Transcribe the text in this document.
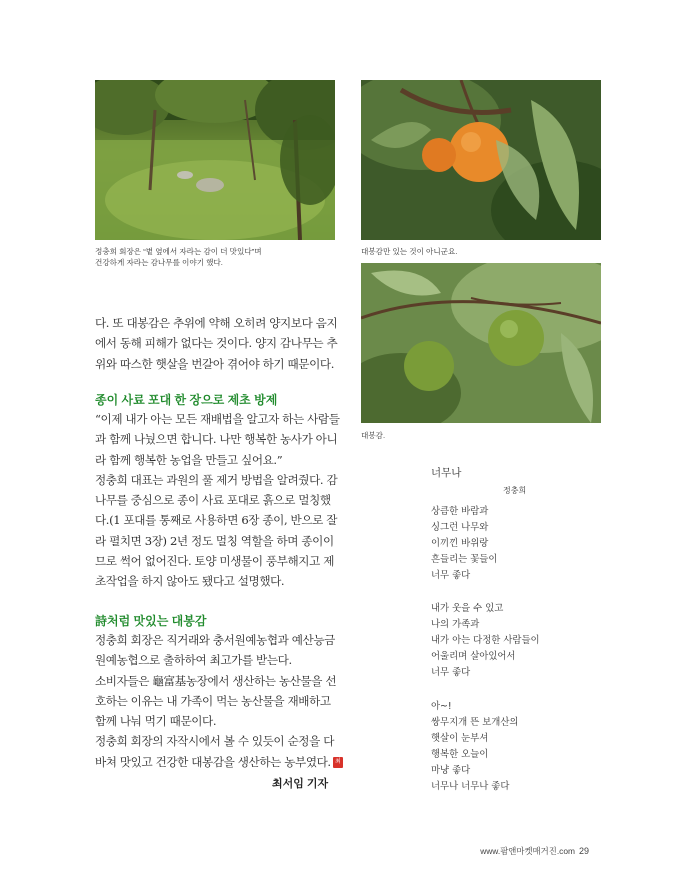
정충희 회장은 “볕 옆에서 자라는 감이 더 맛있다”며
건강하게 자라는 감나무를 이야기 했다.
대봉감만 있는 것이 아니군요.
대봉감.

다. 또 대봉감은 추위에 약해 오히려 양지보다 음지
에서 동해 피해가 없다는 것이다. 양지 감나무는 추
위와 따스한 햇살을 번갈아 겪어야 하기 때문이다.

종이 사료 포대 한 장으로 제초 방제

“이제 내가 아는 모든 재배법을 알고자 하는 사람들
과 함께 나눴으면 합니다. 나만 행복한 농사가 아니
라 함께 행복한 농업을 만들고 싶어요.”
정충희 대표는 과원의 풀 제거 방법을 알려줬다. 감
나무를 중심으로 종이 사료 포대로 흙으로 멀칭했
다.(1 포대를 통째로 사용하면 6장 종이, 반으로 잘
라 펼치면 3장) 2년 정도 멀칭 역할을 하며 종이이
므로 썩어 없어진다. 토양 미생물이 풍부해지고 제
초작업을 하지 않아도 됐다고 설명했다.

詩처럼 맛있는 대봉감

정충희 회장은 직거래와 충서원예농협과 예산능금
원예농협으로 출하하여 최고가를 받는다.
소비자들은 龜富基농장에서 생산하는 농산물을 선
호하는 이유는 내 가족이 먹는 농산물을 재배하고
함께 나눠 먹기 때문이다.
정충희 회장의 자작시에서 볼 수 있듯이 순정을 다
바쳐 맛있고 건강한 대봉감을 생산하는 농부였다. 최

최서임 기자
너무나
정충희
상큼한 바람과
싱그런 나무와
이끼낀 바위랑
흔들리는 꽃들이
너무 좋다
내가 웃을 수 있고
나의 가족과
내가 아는 다정한 사람들이
어울리며 살아있어서
너무 좋다
아~!
쌍무지개 뜬 보개산의
햇살이 눈부셔
행복한 오늘이
마냥 좋다
너무나 너무나 좋다
www.팜앤마켓매거진.com 29
